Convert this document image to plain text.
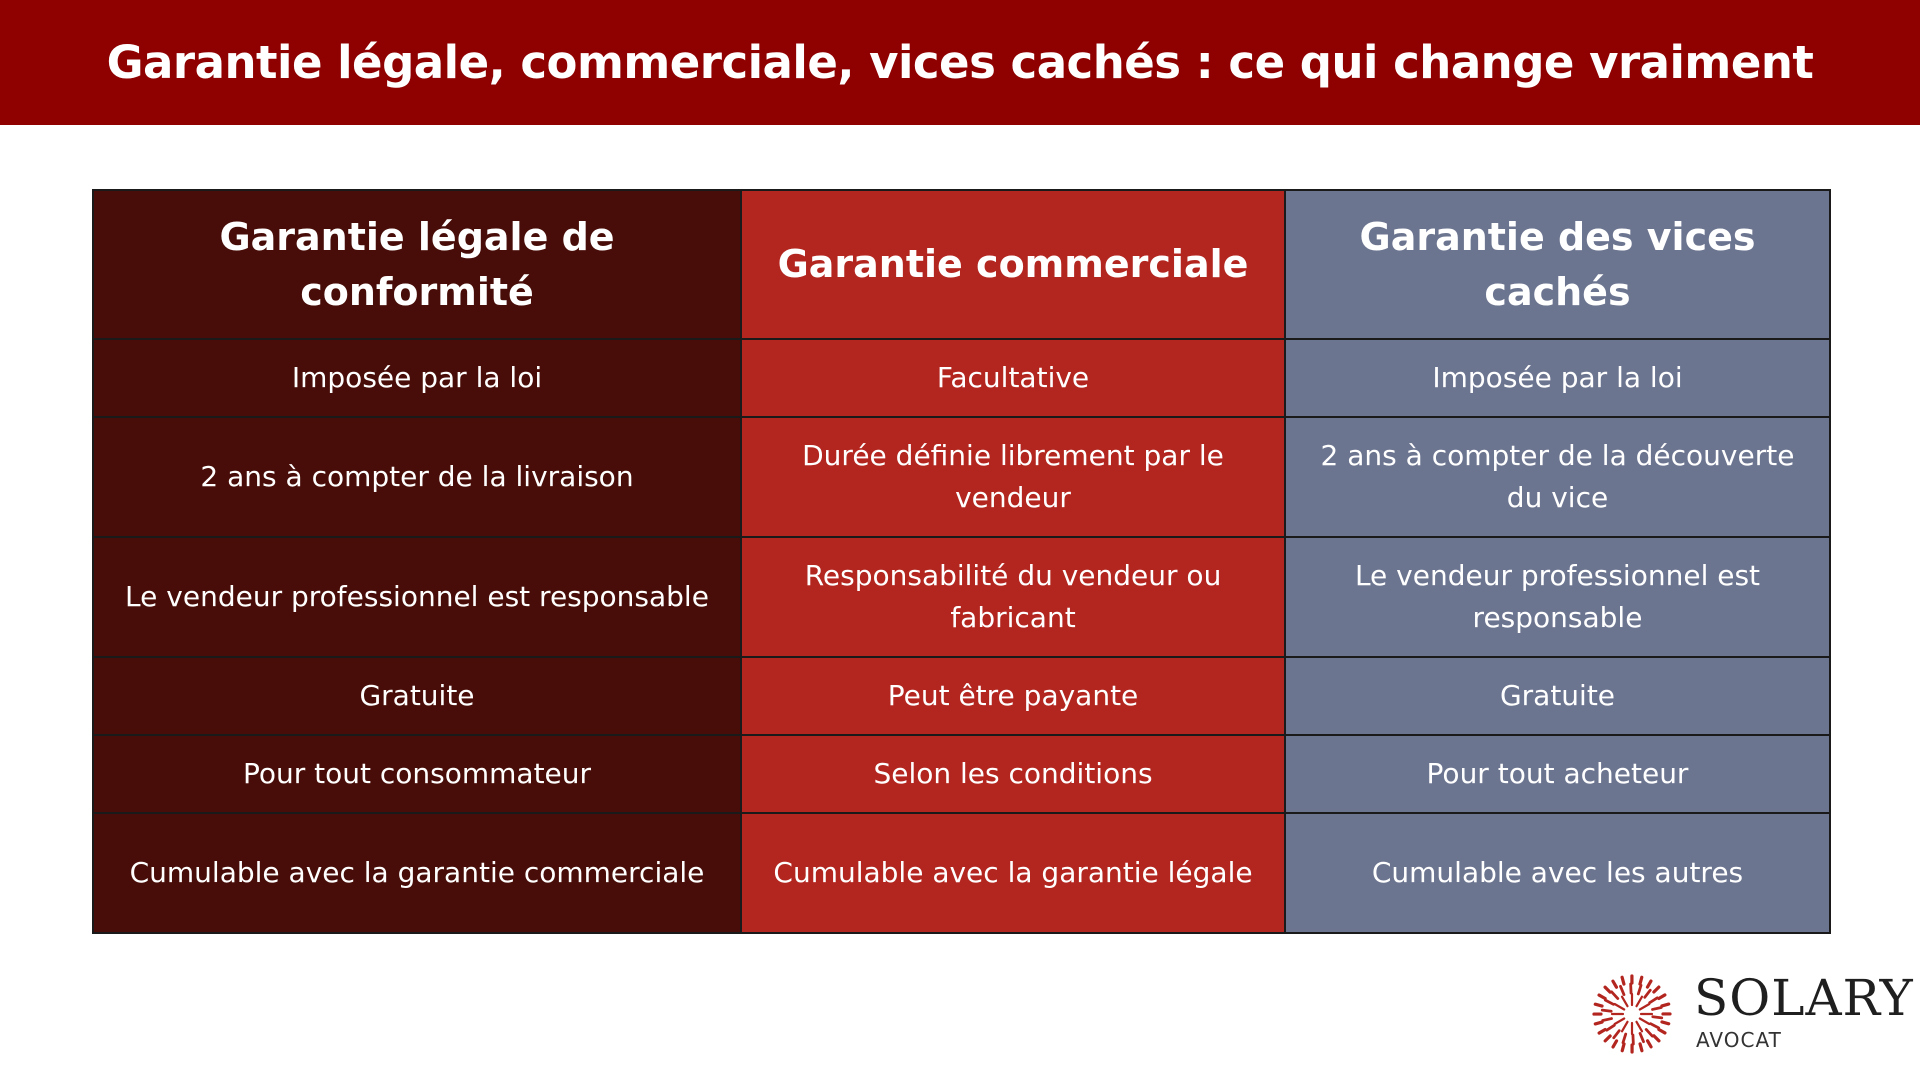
Garantie légale, commerciale, vices cachés : ce qui change vraiment
Garantie légale de conformité	Garantie commerciale	Garantie des vices cachés
Imposée par la loi	Facultative	Imposée par la loi
2 ans à compter de la livraison	Durée définie librement par le vendeur	2 ans à compter de la découverte du vice
Le vendeur professionnel est responsable	Responsabilité du vendeur ou fabricant	Le vendeur professionnel est responsable
Gratuite	Peut être payante	Gratuite
Pour tout consommateur	Selon les conditions	Pour tout acheteur
Cumulable avec la garantie commerciale	Cumulable avec la garantie légale	Cumulable avec les autres
SOLARY
AVOCAT
